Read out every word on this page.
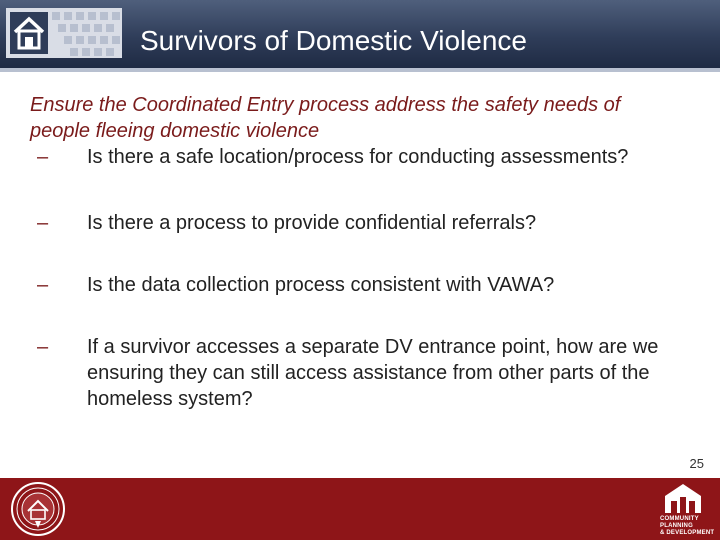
Survivors of Domestic Violence

Ensure the Coordinated Entry process address the safety needs of people fleeing domestic violence

– Is there a safe location/process for conducting assessments?
– Is there a process to provide confidential referrals?
– Is the data collection process consistent with VAWA?
– If a survivor accesses a separate DV entrance point, how are we ensuring they can still access assistance from other parts of the homeless system?
25
COMMUNITY
PLANNING
& DEVELOPMENT
